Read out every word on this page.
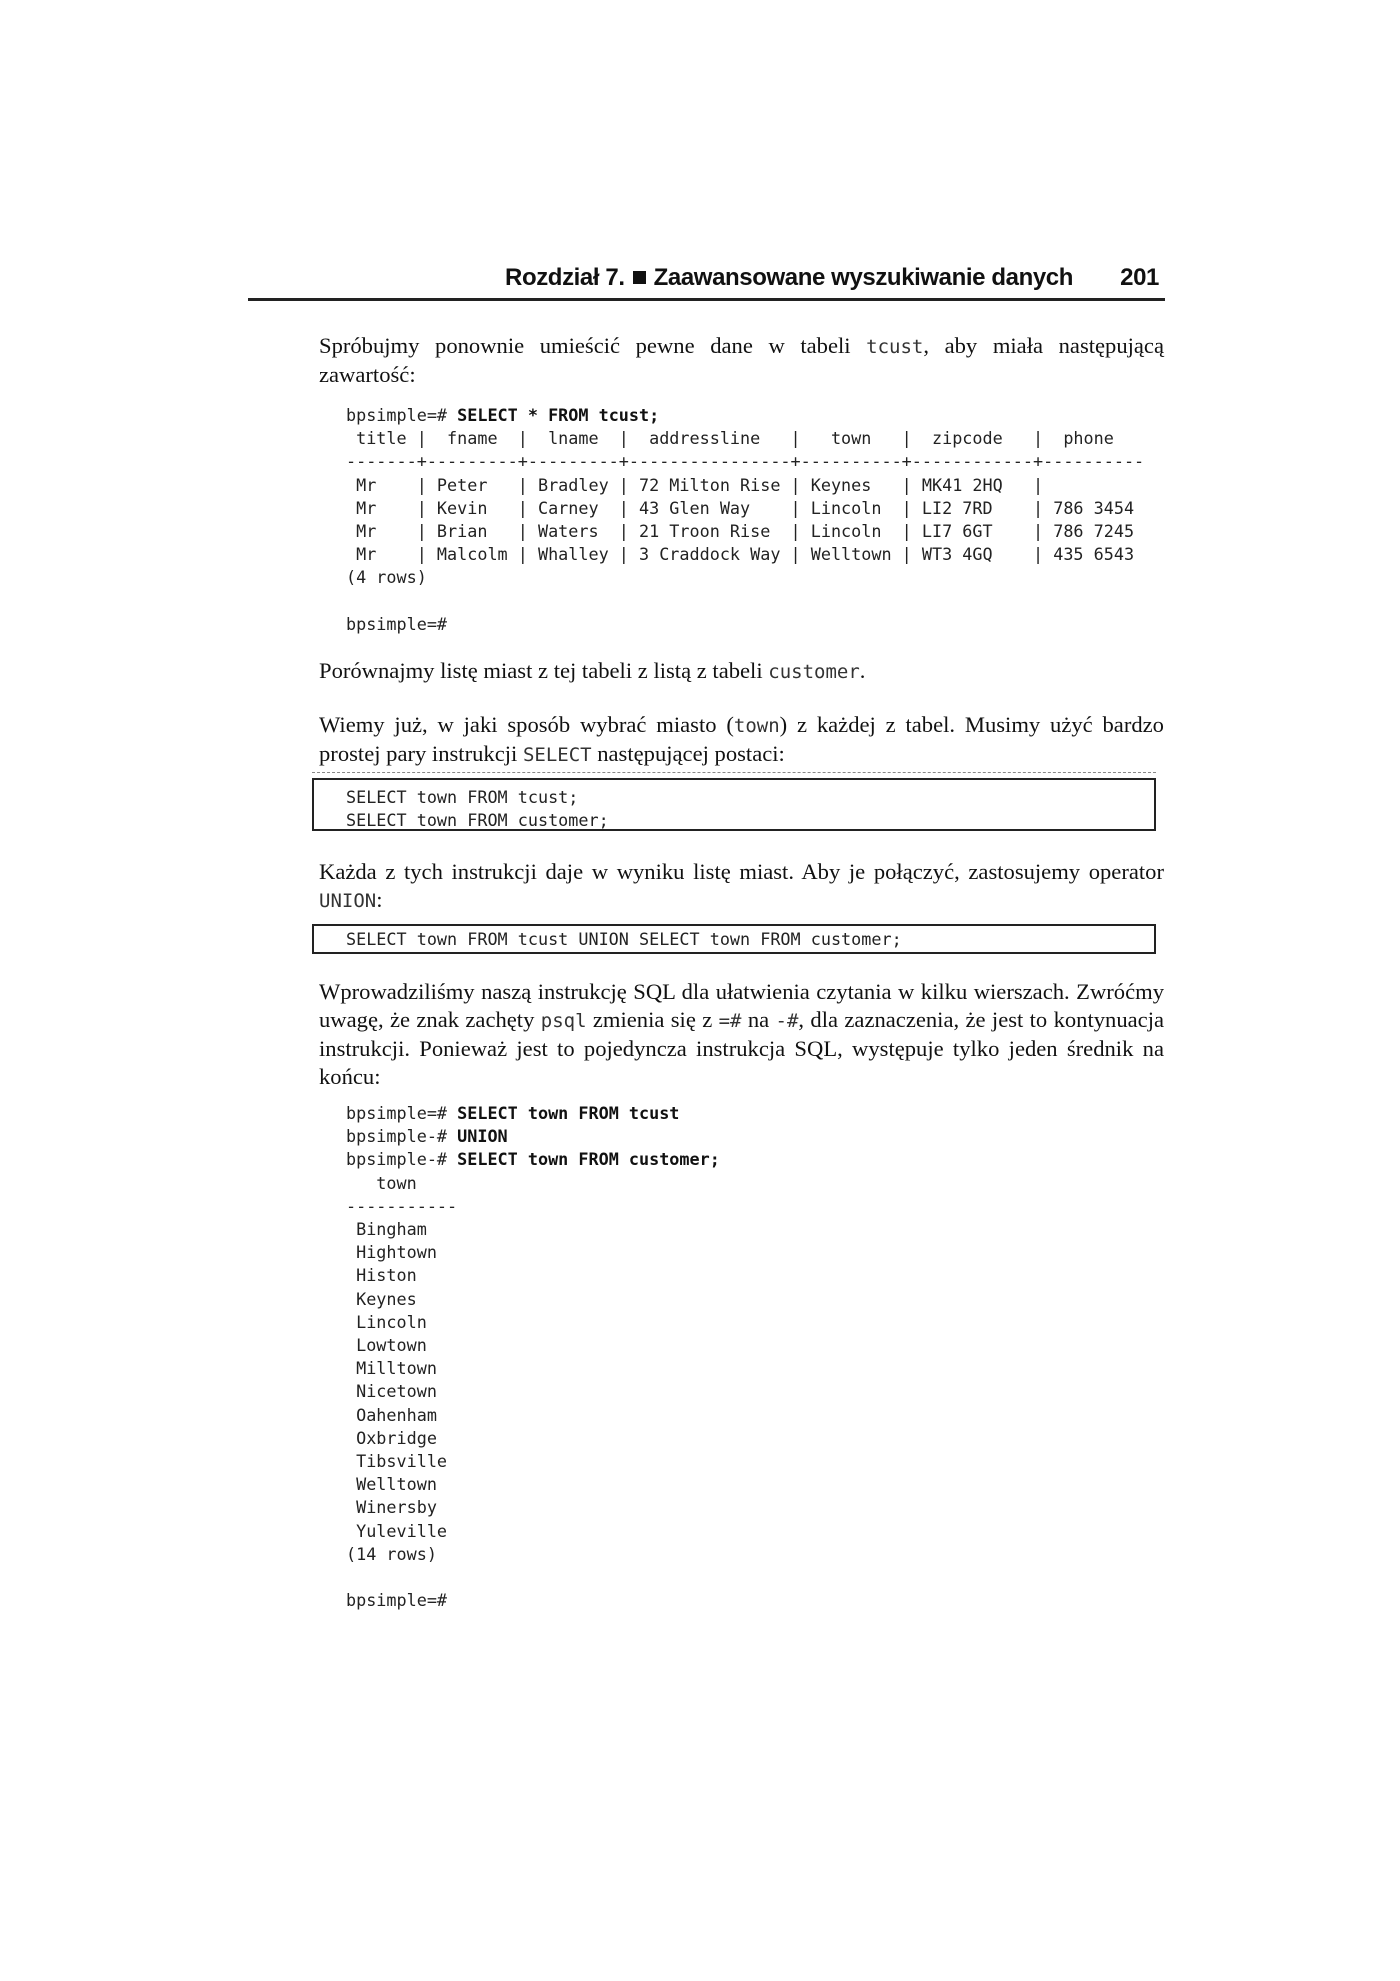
Rozdział 7. Zaawansowane wyszukiwanie danych 201
Spróbujmy ponownie umieścić pewne dane w tabeli tcust, aby miała następującą zawartość:
bpsimple=# SELECT * FROM tcust;
title |  fname  |  lname  |  addressline   |   town   |  zipcode   |  phone
-------+---------+---------+----------------+----------+------------+----------
Mr    | Peter   | Bradley | 72 Milton Rise | Keynes   | MK41 2HQ   |
Mr    | Kevin   | Carney  | 43 Glen Way    | Lincoln  | LI2 7RD    | 786 3454
Mr    | Brian   | Waters  | 21 Troon Rise  | Lincoln  | LI7 6GT    | 786 7245
Mr    | Malcolm | Whalley | 3 Craddock Way | Welltown | WT3 4GQ    | 435 6543
(4 rows)

bpsimple=#
Porównajmy listę miast z tej tabeli z listą z tabeli customer.
Wiemy już, w jaki sposób wybrać miasto (town) z każdej z tabel. Musimy użyć bardzo prostej pary instrukcji SELECT następującej postaci:
SELECT town FROM tcust;
SELECT town FROM customer;
Każda z tych instrukcji daje w wyniku listę miast. Aby je połączyć, zastosujemy operator UNION:
SELECT town FROM tcust UNION SELECT town FROM customer;
Wprowadziliśmy naszą instrukcję SQL dla ułatwienia czytania w kilku wierszach. Zwróćmy uwagę, że znak zachęty psql zmienia się z =# na -#, dla zaznaczenia, że jest to kontynuacja instrukcji. Ponieważ jest to pojedyncza instrukcja SQL, występuje tylko jeden średnik na końcu:
bpsimple=# SELECT town FROM tcust
bpsimple-# UNION
bpsimple-# SELECT town FROM customer;
town
-----------
Bingham
Hightown
Histon
Keynes
Lincoln
Lowtown
Milltown
Nicetown
Oahenham
Oxbridge
Tibsville
Welltown
Winersby
Yuleville
(14 rows)

bpsimple=#
